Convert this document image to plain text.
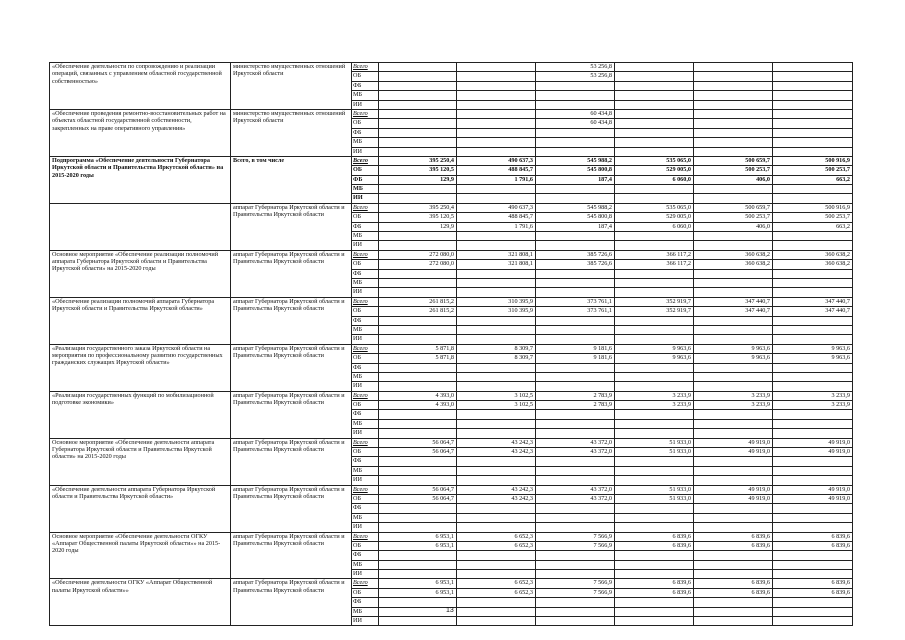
«Обеспечение деятельности по сопровождению и реализации операций, связанных с управлением областной государственной собственностью»	министерство имущественных отношений Иркутской области	Всего			53 256,8			
		ОБ			53 256,8			
		ФБ						
		МБ						
		ИИ						
«Обеспечение проведения ремонтно-восстановительных работ на объектах областной государственной собственности, закрепленных на праве оперативного управления»	министерство имущественных отношений Иркутской области	Всего			60 434,8			
		ОБ			60 434,8			
		ФБ						
		МБ						
		ИИ						
Подпрограмма «Обеспечение деятельности Губернатора Иркутской области и Правительства Иркутской области» на 2015-2020 годы	Всего, в том числе	Всего	395 250,4	490 637,3	545 988,2	535 065,0	500 659,7	500 916,9
		ОБ	395 120,5	488 845,7	545 800,8	529 005,0	500 253,7	500 253,7
		ФБ	129,9	1 791,6	187,4	6 060,0	406,0	663,2
		МБ						
		ИИ						
	аппарат Губернатора Иркутской области и Правительства Иркутской области	Всего	395 250,4	490 637,3	545 988,2	535 065,0	500 659,7	500 916,9
		ОБ	395 120,5	488 845,7	545 800,8	529 005,0	500 253,7	500 253,7
		ФБ	129,9	1 791,6	187,4	6 060,0	406,0	663,2
		МБ						
		ИИ						
Основное мероприятие «Обеспечение реализации полномочий аппарата Губернатора Иркутской области и Правительства Иркутской области» на 2015-2020 годы	аппарат Губернатора Иркутской области и Правительства Иркутской области	Всего	272 080,0	321 808,1	385 726,6	366 117,2	360 638,2	360 638,2
		ОБ	272 080,0	321 808,1	385 726,6	366 117,2	360 638,2	360 638,2
		ФБ						
		МБ						
		ИИ						
«Обеспечение реализации полномочий аппарата Губернатора Иркутской области и Правительства Иркутской области»	аппарат Губернатора Иркутской области и Правительства Иркутской области	Всего	261 815,2	310 395,9	373 761,1	352 919,7	347 440,7	347 440,7
		ОБ	261 815,2	310 395,9	373 761,1	352 919,7	347 440,7	347 440,7
		ФБ						
		МБ						
		ИИ						
«Реализация государственного заказа Иркутской области на мероприятия по профессиональному развитию государственных гражданских служащих Иркутской области»	аппарат Губернатора Иркутской области и Правительства Иркутской области	Всего	5 871,8	8 309,7	9 181,6	9 963,6	9 963,6	9 963,6
		ОБ	5 871,8	8 309,7	9 181,6	9 963,6	9 963,6	9 963,6
		ФБ						
		МБ						
		ИИ						
«Реализация государственных функций по мобилизационной подготовке экономики»	аппарат Губернатора Иркутской области и Правительства Иркутской области	Всего	4 393,0	3 102,5	2 783,9	3 233,9	3 233,9	3 233,9
		ОБ	4 393,0	3 102,5	2 783,9	3 233,9	3 233,9	3 233,9
		ФБ						
		МБ						
		ИИ						
Основное мероприятие «Обеспечение деятельности аппарата Губернатора Иркутской области и Правительства Иркутской области» на 2015-2020 годы	аппарат Губернатора Иркутской области и Правительства Иркутской области	Всего	56 064,7	43 242,3	43 372,0	51 933,0	49 919,0	49 919,0
		ОБ	56 064,7	43 242,3	43 372,0	51 933,0	49 919,0	49 919,0
		ФБ						
		МБ						
		ИИ						
«Обеспечение деятельности аппарата Губернатора Иркутской области и Правительства Иркутской области»	аппарат Губернатора Иркутской области и Правительства Иркутской области	Всего	56 064,7	43 242,3	43 372,0	51 933,0	49 919,0	49 919,0
		ОБ	56 064,7	43 242,3	43 372,0	51 933,0	49 919,0	49 919,0
		ФБ						
		МБ						
		ИИ						
Основное мероприятие «Обеспечение деятельности ОГКУ «Аппарат Общественной палаты Иркутской области»» на 2015-2020 годы	аппарат Губернатора Иркутской области и Правительства Иркутской области	Всего	6 953,1	6 652,3	7 566,9	6 839,6	6 839,6	6 839,6
		ОБ	6 953,1	6 652,3	7 566,9	6 839,6	6 839,6	6 839,6
		ФБ						
		МБ						
		ИИ						
«Обеспечение деятельности ОГКУ «Аппарат Общественной палаты Иркутской области»»	аппарат Губернатора Иркутской области и Правительства Иркутской области	Всего	6 953,1	6 652,3	7 566,9	6 839,6	6 839,6	6 839,6
		ОБ	6 953,1	6 652,3	7 566,9	6 839,6	6 839,6	6 839,6
		ФБ						
		МБ						
		ИИ						
13
